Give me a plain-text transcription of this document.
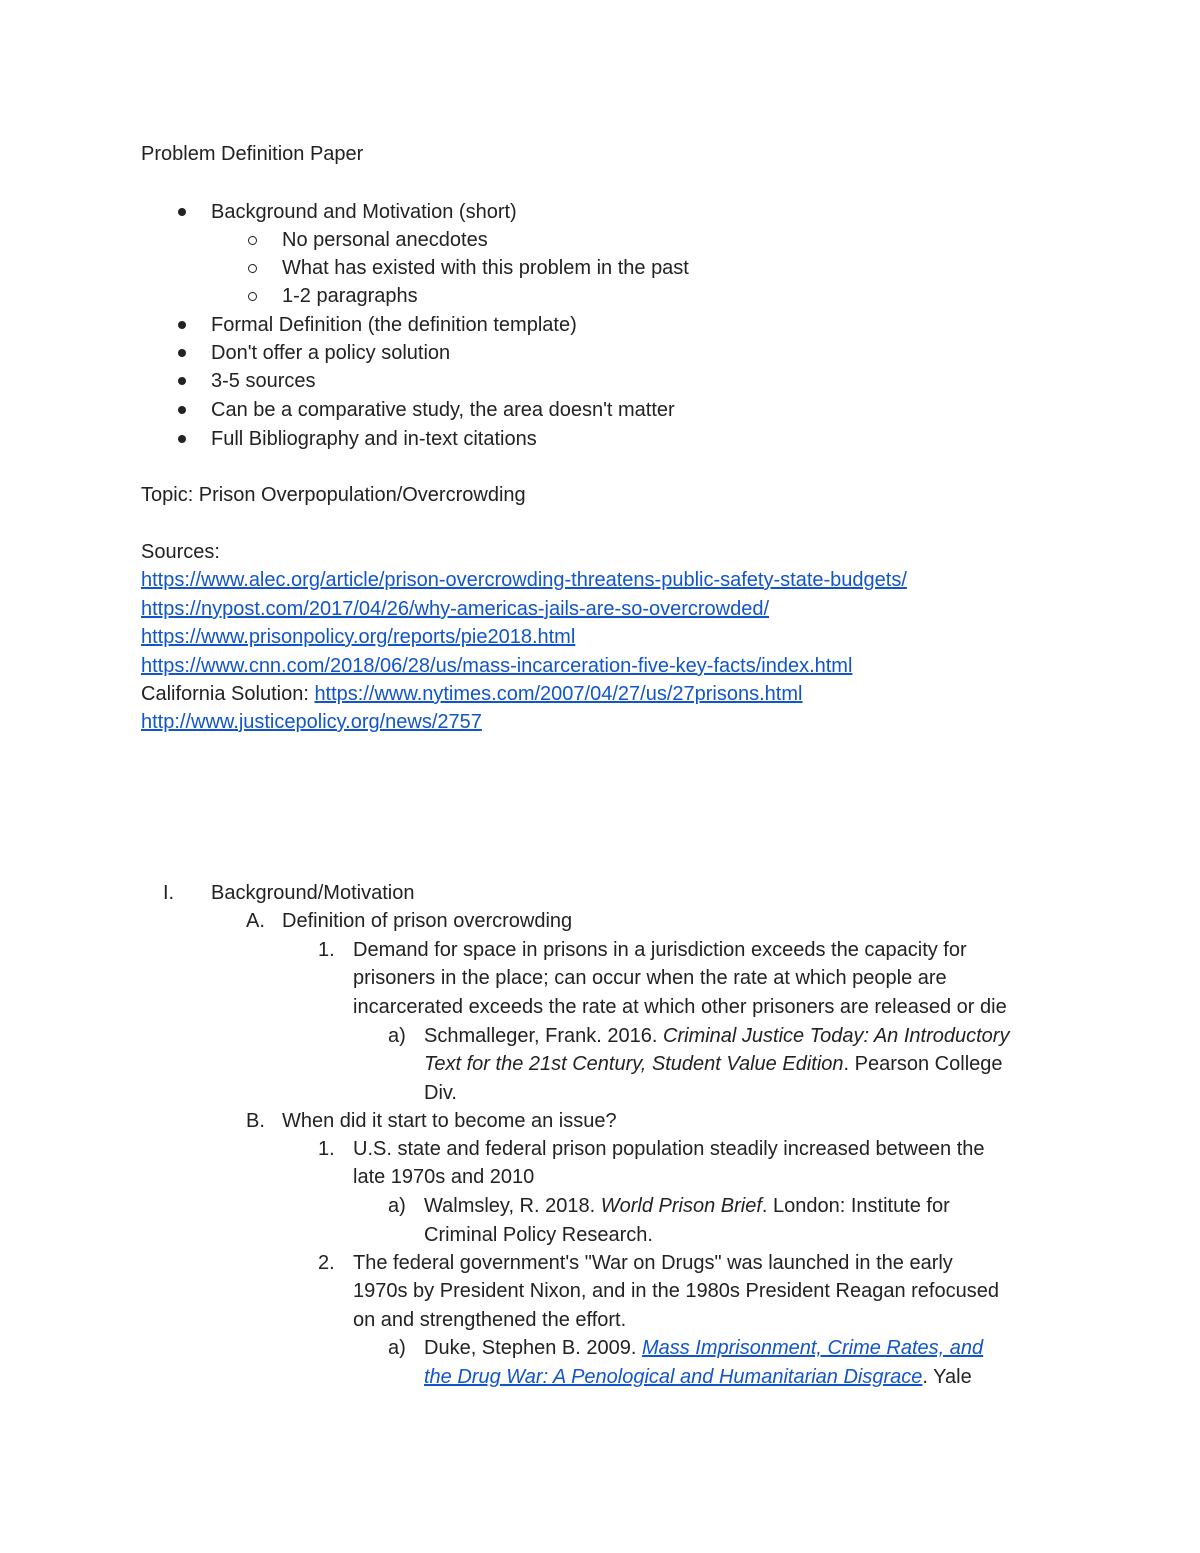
Problem Definition Paper
Background and Motivation (short)
No personal anecdotes
What has existed with this problem in the past
1-2 paragraphs
Formal Definition (the definition template)
Don't offer a policy solution
3-5 sources
Can be a comparative study, the area doesn't matter
Full Bibliography and in-text citations
Topic: Prison Overpopulation/Overcrowding
Sources:
https://www.alec.org/article/prison-overcrowding-threatens-public-safety-state-budgets/
https://nypost.com/2017/04/26/why-americas-jails-are-so-overcrowded/
https://www.prisonpolicy.org/reports/pie2018.html
https://www.cnn.com/2018/06/28/us/mass-incarceration-five-key-facts/index.html
California Solution: https://www.nytimes.com/2007/04/27/us/27prisons.html
http://www.justicepolicy.org/news/2757
I. Background/Motivation
A. Definition of prison overcrowding
1. Demand for space in prisons in a jurisdiction exceeds the capacity for
prisoners in the place; can occur when the rate at which people are
incarcerated exceeds the rate at which other prisoners are released or die
a) Schmalleger, Frank. 2016. Criminal Justice Today: An Introductory
Text for the 21st Century, Student Value Edition. Pearson College
Div.
B. When did it start to become an issue?
1. U.S. state and federal prison population steadily increased between the
late 1970s and 2010
a) Walmsley, R. 2018. World Prison Brief. London: Institute for
Criminal Policy Research.
2. The federal government's "War on Drugs" was launched in the early
1970s by President Nixon, and in the 1980s President Reagan refocused
on and strengthened the effort.
a) Duke, Stephen B. 2009. Mass Imprisonment, Crime Rates, and
the Drug War: A Penological and Humanitarian Disgrace. Yale
